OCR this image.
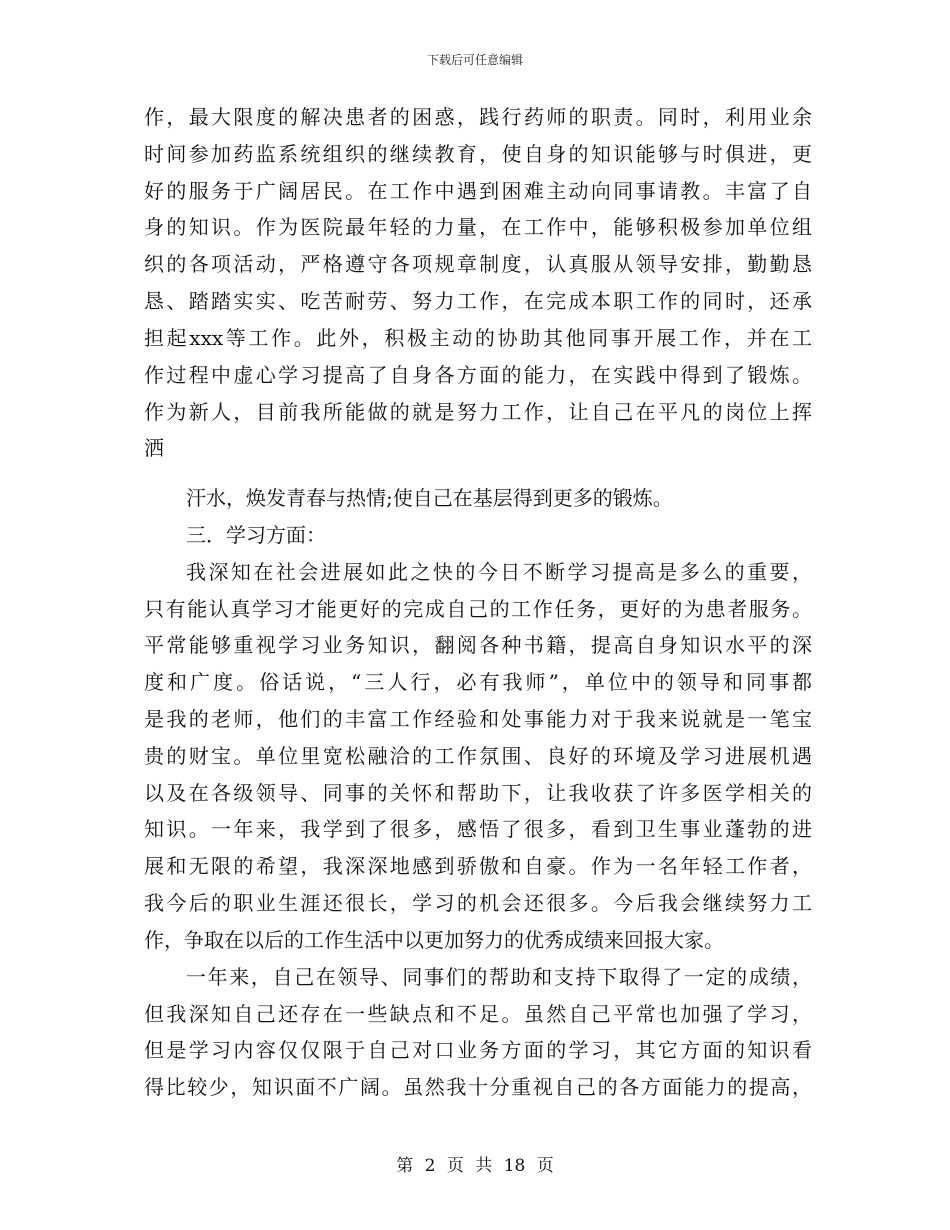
下载后可任意编辑
作，最大限度的解决患者的困惑，践行药师的职责。同时，利用业余
时间参加药监系统组织的继续教育，使自身的知识能够与时俱进，更
好的服务于广阔居民。在工作中遇到困难主动向同事请教。丰富了自
身的知识。作为医院最年轻的力量，在工作中，能够积极参加单位组
织的各项活动，严格遵守各项规章制度，认真服从领导安排，勤勤恳
恳、踏踏实实、吃苦耐劳、努力工作，在完成本职工作的同时，还承
担起xxx等工作。此外，积极主动的协助其他同事开展工作，并在工
作过程中虚心学习提高了自身各方面的能力，在实践中得到了锻炼。
作为新人，目前我所能做的就是努力工作，让自己在平凡的岗位上挥
洒
汗水，焕发青春与热情;使自己在基层得到更多的锻炼。
三．学习方面：
我深知在社会进展如此之快的今日不断学习提高是多么的重要，
只有能认真学习才能更好的完成自己的工作任务，更好的为患者服务。
平常能够重视学习业务知识，翻阅各种书籍，提高自身知识水平的深
度和广度。俗话说，“三人行，必有我师”，单位中的领导和同事都
是我的老师，他们的丰富工作经验和处事能力对于我来说就是一笔宝
贵的财宝。单位里宽松融洽的工作氛围、良好的环境及学习进展机遇
以及在各级领导、同事的关怀和帮助下，让我收获了许多医学相关的
知识。一年来，我学到了很多，感悟了很多，看到卫生事业蓬勃的进
展和无限的希望，我深深地感到骄傲和自豪。作为一名年轻工作者，
我今后的职业生涯还很长，学习的机会还很多。今后我会继续努力工
作，争取在以后的工作生活中以更加努力的优秀成绩来回报大家。
一年来，自己在领导、同事们的帮助和支持下取得了一定的成绩，
但我深知自己还存在一些缺点和不足。虽然自己平常也加强了学习，
但是学习内容仅仅限于自己对口业务方面的学习，其它方面的知识看
得比较少，知识面不广阔。虽然我十分重视自己的各方面能力的提高，
第 2 页 共 18 页
